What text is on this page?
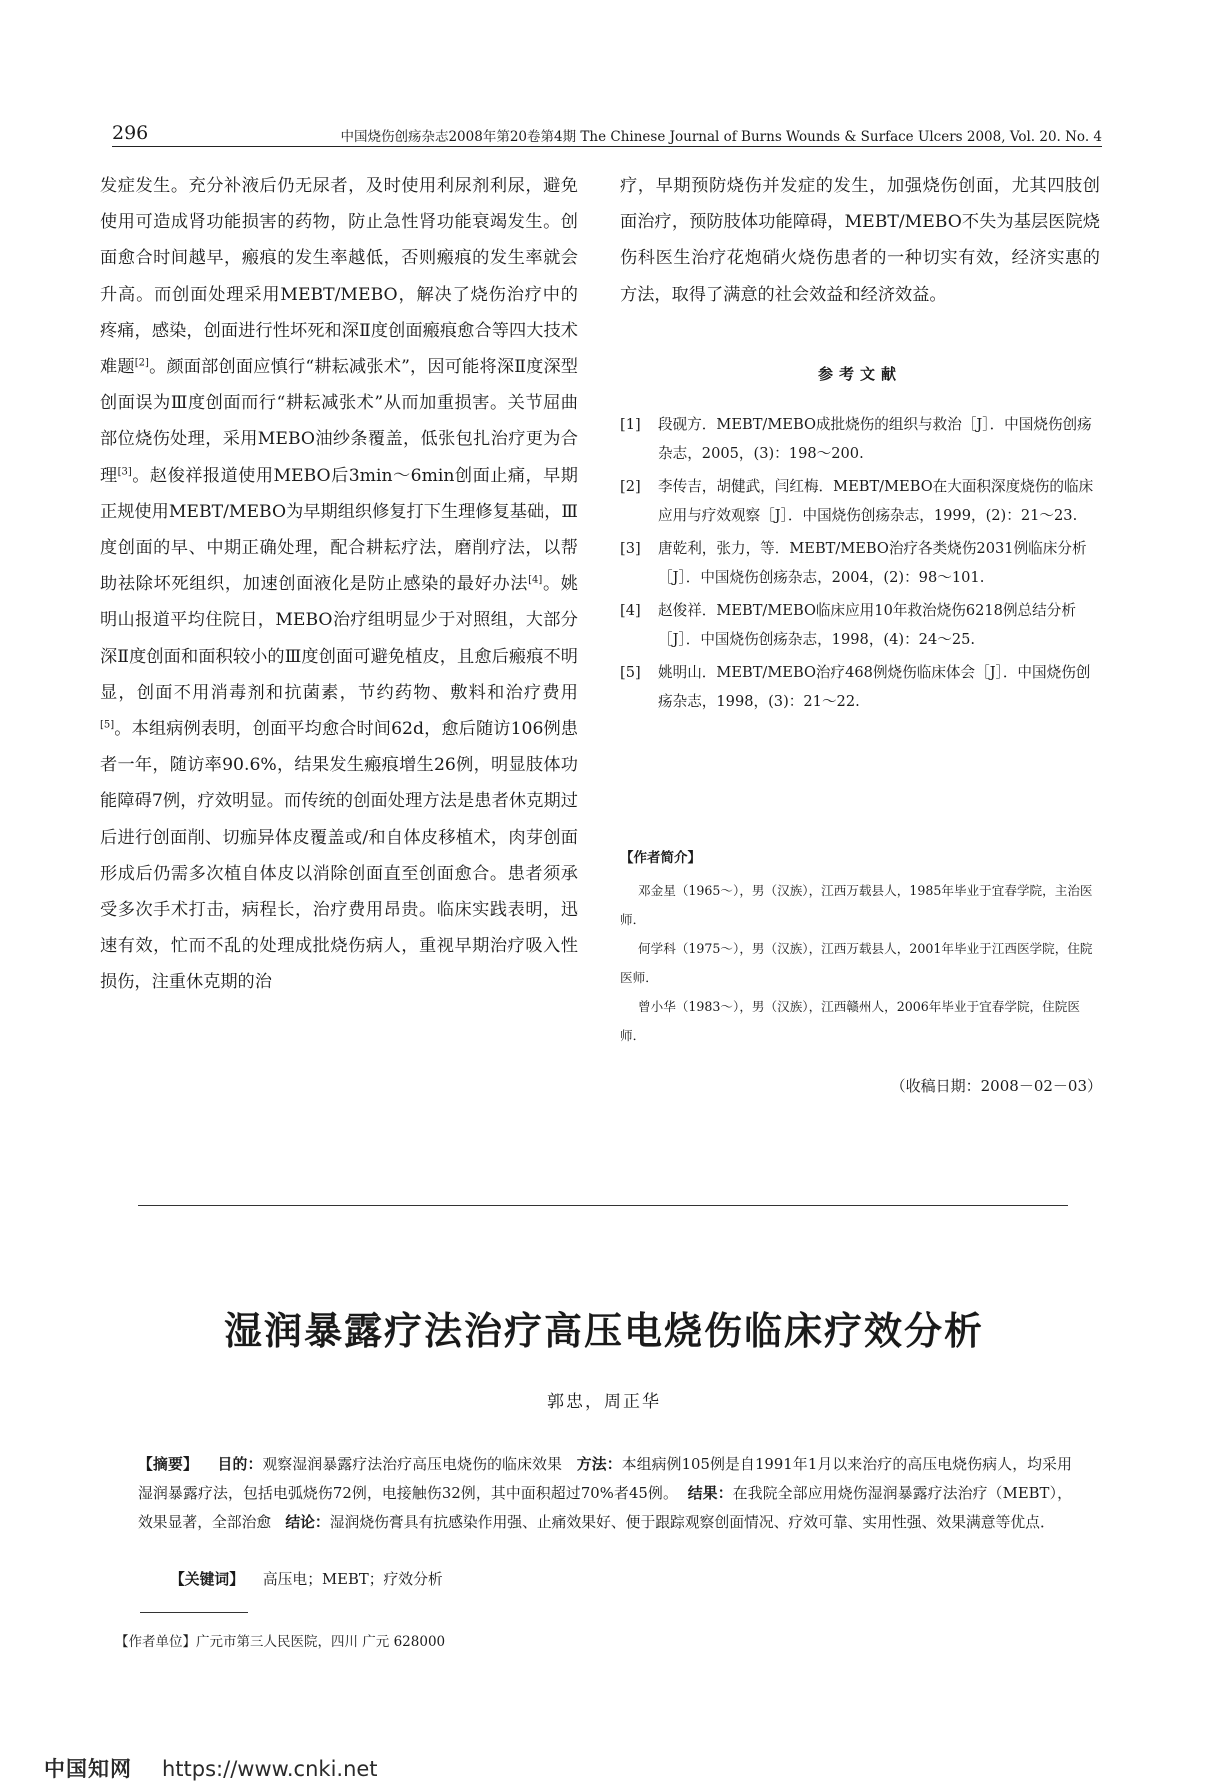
296	中国烧伤创疡杂志2008年第20卷第4期 The Chinese Journal of Burns Wounds & Surface Ulcers 2008, Vol. 20. No. 4

发症发生。充分补液后仍无尿者，及时使用利尿剂利尿，避免使用可造成肾功能损害的药物，防止急性肾功能衰竭发生。创面愈合时间越早，瘢痕的发生率越低，否则瘢痕的发生率就会升高。而创面处理采用MEBT/MEBO，解决了烧伤治疗中的疼痛，感染，创面进行性坏死和深Ⅱ度创面瘢痕愈合等四大技术难题[2]。颜面部创面应慎行“耕耘减张术”，因可能将深Ⅱ度深型创面误为Ⅲ度创面而行“耕耘减张术”从而加重损害。关节屈曲部位烧伤处理，采用MEBO油纱条覆盖，低张包扎治疗更为合理[3]。赵俊祥报道使用MEBO后3min～6min创面止痛，早期正规使用MEBT/MEBO为早期组织修复打下生理修复基础，Ⅲ度创面的早、中期正确处理，配合耕耘疗法，磨削疗法，以帮助祛除坏死组织，加速创面液化是防止感染的最好办法[4]。姚明山报道平均住院日，MEBO治疗组明显少于对照组，大部分深Ⅱ度创面和面积较小的Ⅲ度创面可避免植皮，且愈后瘢痕不明显，创面不用消毒剂和抗菌素，节约药物、敷料和治疗费用[5]。本组病例表明，创面平均愈合时间62d，愈后随访106例患者一年，随访率90.6%，结果发生瘢痕增生26例，明显肢体功能障碍7例，疗效明显。而传统的创面处理方法是患者休克期过后进行创面削、切痂异体皮覆盖或/和自体皮移植术，肉芽创面形成后仍需多次植自体皮以消除创面直至创面愈合。患者须承受多次手术打击，病程长，治疗费用昂贵。临床实践表明，迅速有效，忙而不乱的处理成批烧伤病人，重视早期治疗吸入性损伤，注重休克期的治

疗，早期预防烧伤并发症的发生，加强烧伤创面，尤其四肢创面治疗，预防肢体功能障碍，MEBT/MEBO不失为基层医院烧伤科医生治疗花炮硝火烧伤患者的一种切实有效，经济实惠的方法，取得了满意的社会效益和经济效益。

参考文献
[1]	段砚方．MEBT/MEBO成批烧伤的组织与救治［J］．中国烧伤创疡杂志，2005，(3)：198～200.
[2]	李传吉，胡健武，闫红梅．MEBT/MEBO在大面积深度烧伤的临床应用与疗效观察［J］．中国烧伤创疡杂志，1999，(2)：21～23.
[3]	唐乾利，张力，等．MEBT/MEBO治疗各类烧伤2031例临床分析［J］．中国烧伤创疡杂志，2004，(2)：98～101.
[4]	赵俊祥．MEBT/MEBO临床应用10年救治烧伤6218例总结分析［J］．中国烧伤创疡杂志，1998，(4)：24～25.
[5]	姚明山．MEBT/MEBO治疗468例烧伤临床体会［J］．中国烧伤创疡杂志，1998，(3)：21～22.
【作者简介】

邓金星（1965～），男（汉族），江西万载县人，1985年毕业于宜春学院，主治医师．

何学科（1975～），男（汉族），江西万载县人，2001年毕业于江西医学院，住院医师．

曾小华（1983～），男（汉族），江西赣州人，2006年毕业于宜春学院，住院医师．

（收稿日期：2008－02－03）
湿润暴露疗法治疗高压电烧伤临床疗效分析
郭忠，周正华
【摘要】 目的：观察湿润暴露疗法治疗高压电烧伤的临床效果 方法：本组病例105例是自1991年1月以来治疗的高压电烧伤病人，均采用湿润暴露疗法，包括电弧烧伤72例，电接触伤32例，其中面积超过70%者45例。 结果：在我院全部应用烧伤湿润暴露疗法治疗（MEBT），效果显著，全部治愈 结论：湿润烧伤膏具有抗感染作用强、止痛效果好、便于跟踪观察创面情况、疗效可靠、实用性强、效果满意等优点．
【关键词】 高压电；MEBT；疗效分析
【作者单位】广元市第三人民医院，四川 广元 628000
中国知网 https://www.cnki.net
